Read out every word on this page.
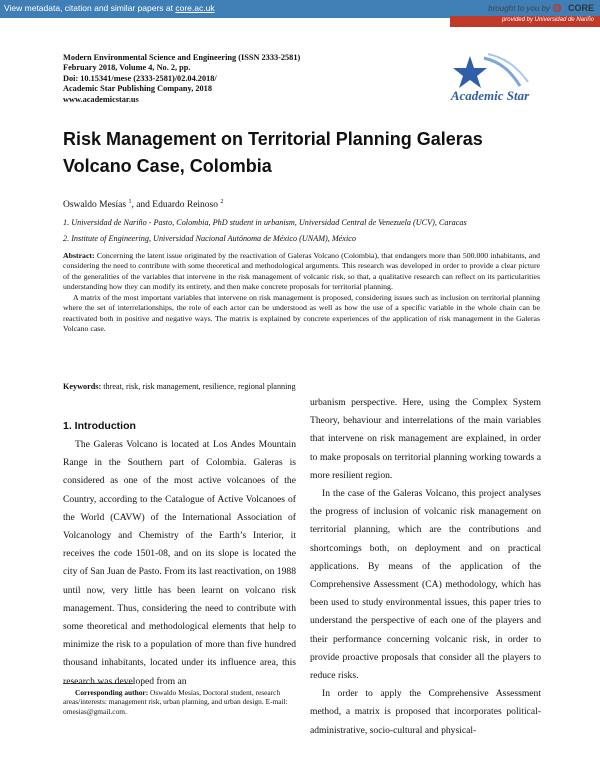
View metadata, citation and similar papers at core.ac.uk	brought to you by CORE
provided by Universidad de Nariño
Modern Environmental Science and Engineering (ISSN 2333-2581)
February 2018, Volume 4, No. 2, pp.
Doi: 10.15341/mese (2333-2581)/02.04.2018/
Academic Star Publishing Company, 2018
www.academicstar.us	Academic Star
Risk Management on Territorial Planning Galeras
Volcano Case, Colombia
Oswaldo Mesías $^1$, and Eduardo Reinoso $^2$
1. Universidad de Nariño - Pasto, Colombia, PhD student in urbanism, Universidad Central de Venezuela (UCV), Caracas
2. Institute of Engineering, Universidad Nacional Autónoma de México (UNAM), México

Abstract: Concerning the latent issue originated by the reactivation of Galeras Volcano (Colombia), that endangers more than 500.000 inhabitants, and considering the need to contribute with some theoretical and methodological arguments. This research was developed in order to provide a clear picture of the generalities of the variables that intervene in the risk management of volcanic risk, so that, a qualitative research can reflect on its particularities understanding how they can modify its entirety, and then make concrete proposals for territorial planning.

A matrix of the most important variables that intervene on risk management is proposed, considering issues such as inclusion on territorial planning where the set of interrelationships, the role of each actor can be understood as well as how the use of a specific variable in the whole chain can be reactivated both in positive and negative ways. The matrix is explained by concrete experiences of the application of risk management in the Galeras Volcano case.

Keywords: threat, risk, risk management, resilience, regional planning
1. Introduction

The Galeras Volcano is located at Los Andes Mountain Range in the Southern part of Colombia. Galeras is considered as one of the most active volcanoes of the Country, according to the Catalogue of Active Volcanoes of the World (CAVW) of the International Association of Volcanology and Chemistry of the Earth’s Interior, it receives the code 1501-08, and on its slope is located the city of San Juan de Pasto. From its last reactivation, on 1988 until now, very little has been learnt on volcano risk management. Thus, considering the need to contribute with some theoretical and methodological elements that help to minimize the risk to a population of more than five hundred thousand inhabitants, located under its influence area, this research was developed from an

urbanism perspective. Here, using the Complex System Theory, behaviour and interrelations of the main variables that intervene on risk management are explained, in order to make proposals on territorial planning working towards a more resilient region.

In the case of the Galeras Volcano, this project analyses the progress of inclusion of volcanic risk management on territorial planning, which are the contributions and shortcomings both, on deployment and on practical applications. By means of the application of the Comprehensive Assessment (CA) methodology, which has been used to study environmental issues, this paper tries to understand the perspective of each one of the players and their performance concerning volcanic risk, in order to provide proactive proposals that consider all the players to reduce risks.

In order to apply the Comprehensive Assessment method, a matrix is proposed that incorporates political-administrative, socio-cultural and physical-

Corresponding author: Oswaldo Mesías, Doctoral student, research areas/interests: management risk, urban planning, and urban design. E-mail: omesias@gmail.com.
